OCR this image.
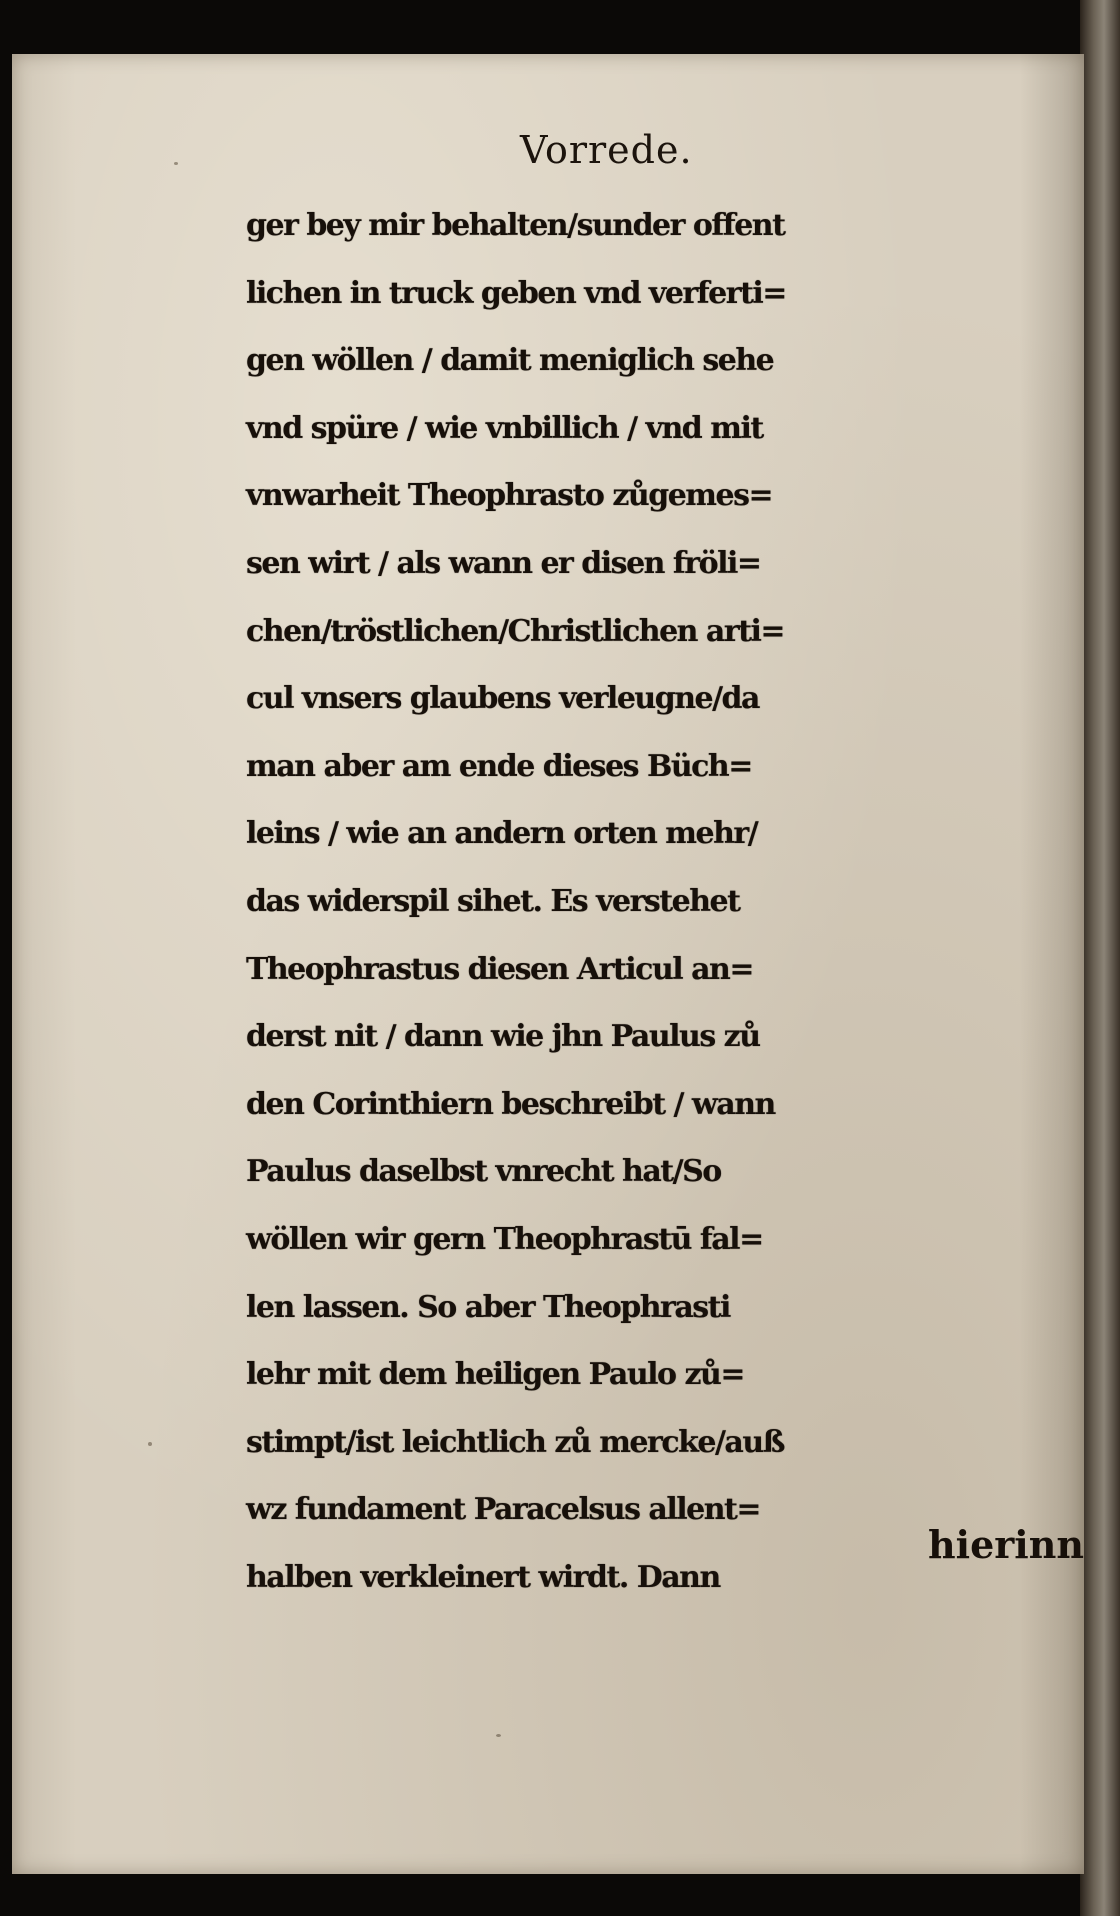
Vorrede.
ger bey mir behalten/sunder offent
lichen in truck geben vnd verferti=
gen wöllen / damit meniglich sehe
vnd spüre / wie vnbillich / vnd mit
vnwarheit Theophrasto zůgemes=
sen wirt / als wann er disen fröli=
chen/tröstlichen/Christlichen arti=
cul vnsers glaubens verleugne/da
man aber am ende dieses Büch=
leins / wie an andern orten mehr/
das widerspil sihet. Es verstehet
Theophrastus diesen Articul an=
derst nit / dann wie jhn Paulus zů
den Corinthiern beschreibt / wann
Paulus daselbst vnrecht hat/So
wöllen wir gern Theophrastū fal=
len lassen. So aber Theophrasti
lehr mit dem heiligen Paulo zů=
stimpt/ist leichtlich zů mercke/auß
wz fundament Paracelsus allent=
halben verkleinert wirdt. Dann
hierinn
